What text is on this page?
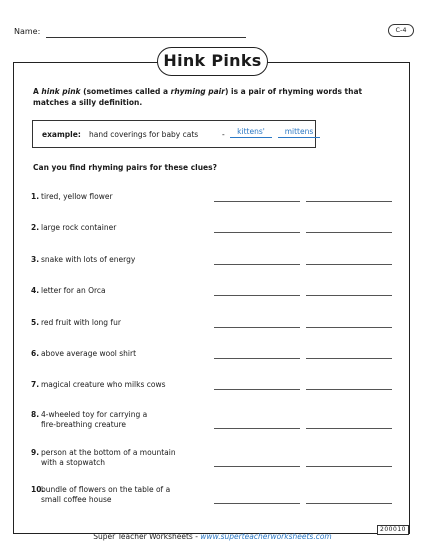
Name:	C-4
Hink Pinks
A hink pink (sometimes called a rhyming pair) is a pair of rhyming words that matches a silly definition.
example: hand coverings for baby cats	-	kittens'	mittens
Can you find rhyming pairs for these clues?
1. tired, yellow flower
2. large rock container
3. snake with lots of energy
4. letter for an Orca
5. red fruit with long fur
6. above average wool shirt
7. magical creature who milks cows
8. 4-wheeled toy for carrying a
fire-breathing creature
9. person at the bottom of a mountain
with a stopwatch
10.bundle of flowers on the table of a
small coffee house
200010
Super Teacher Worksheets - www.superteacherworksheets.com
